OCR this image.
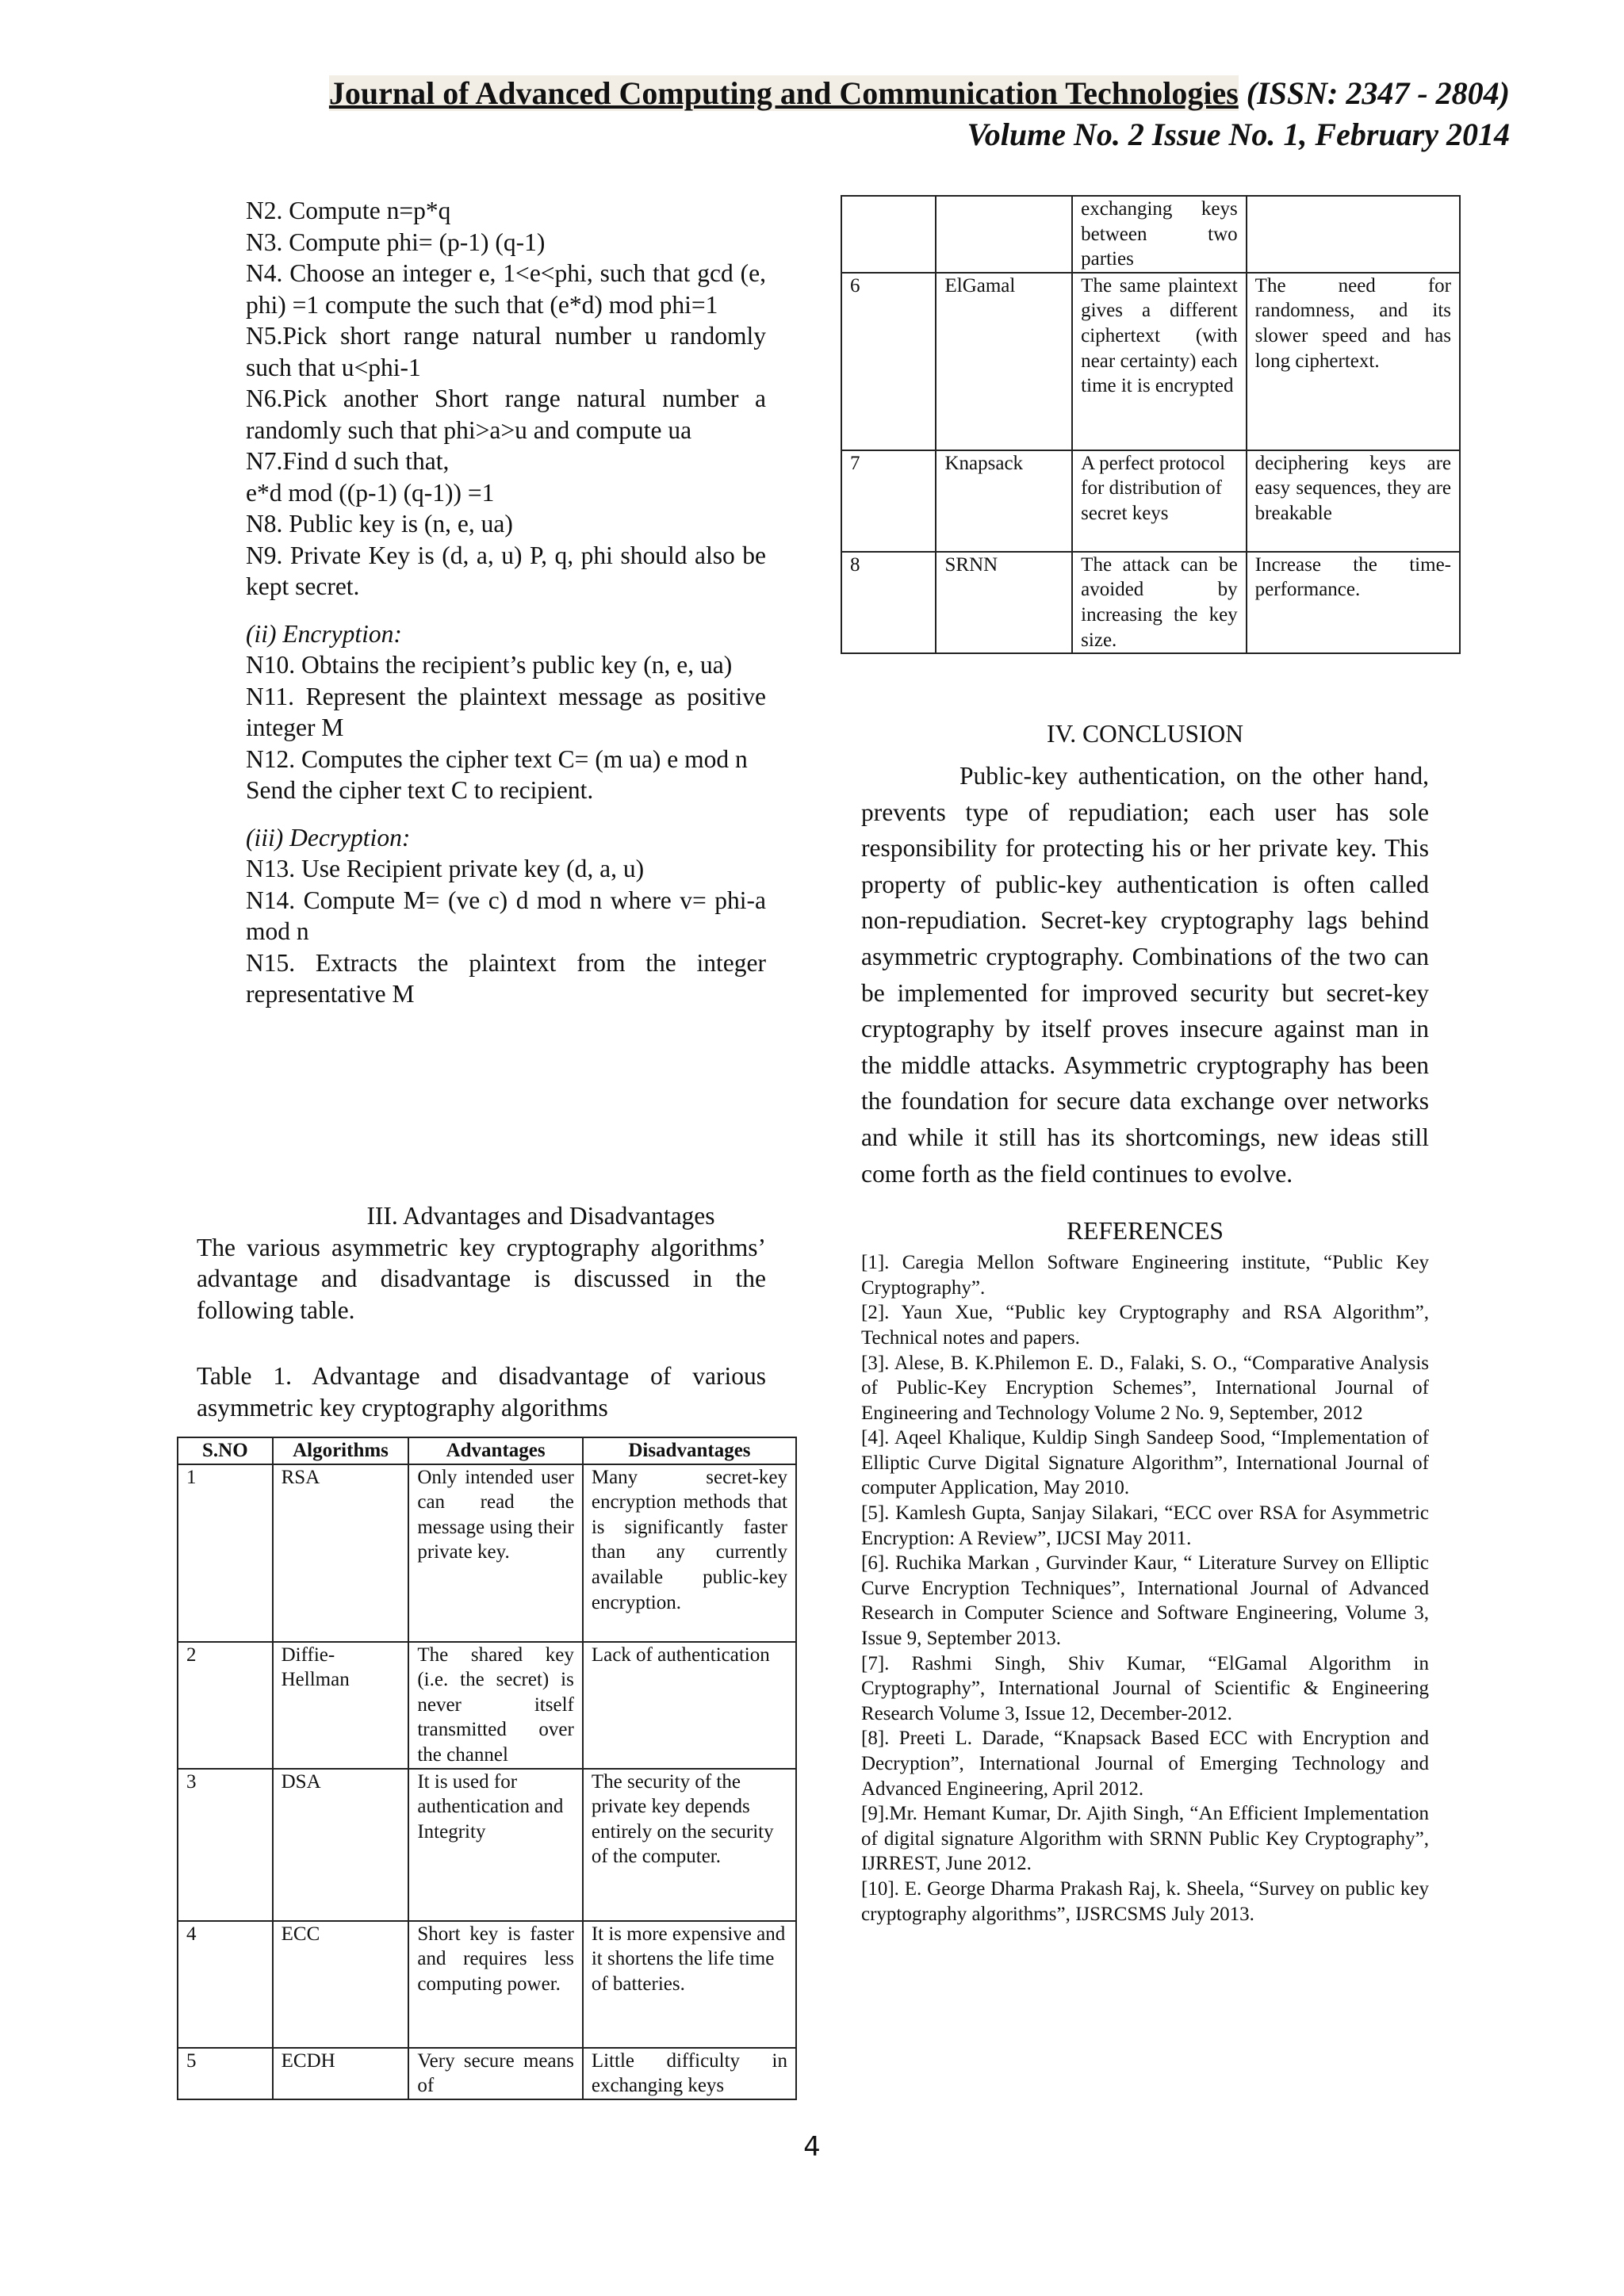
Journal of Advanced Computing and Communication Technologies (ISSN: 2347 - 2804)
Volume No. 2 Issue No. 1, February 2014

N2. Compute n=p*q

N3. Compute phi= (p-1) (q-1)

N4. Choose an integer e, 1<e<phi, such that gcd (e, phi) =1 compute the such that (e*d) mod phi=1

N5.Pick short range natural number u randomly such that u<phi-1

N6.Pick another Short range natural number a randomly such that phi>a>u and compute ua

N7.Find d such that,

e*d mod ((p-1) (q-1)) =1

N8. Public key is (n, e, ua)

N9. Private Key is (d, a, u) P, q, phi should also be kept secret.

(ii) Encryption:

N10. Obtains the recipient’s public key (n, e, ua)

N11. Represent the plaintext message as positive integer M

N12. Computes the cipher text C= (m ua) e mod n

Send the cipher text C to recipient.

(iii) Decryption:

N13. Use Recipient private key (d, a, u)

N14. Compute M= (ve c) d mod n where v= phi-a mod n

N15. Extracts the plaintext from the integer representative M

III. Advantages and Disadvantages

The various asymmetric key cryptography algorithms’ advantage and disadvantage is discussed in the following table.

Table 1. Advantage and disadvantage of various asymmetric key cryptography algorithms

S.NO	Algorithms	Advantages	Disadvantages
1	RSA	Only intended user can read the message using their private key.	Many secret-key encryption methods that is significantly faster than any currently available public-key encryption.
2	Diffie-Hellman	The shared key (i.e. the secret) is never itself transmitted over the channel	Lack of authentication
3	DSA	It is used for authentication and Integrity	The security of the private key depends entirely on the security of the computer.
4	ECC	Short key is faster and requires less computing power.	It is more expensive and it shortens the life time of batteries.
5	ECDH	Very secure means of	Little difficulty in exchanging keys
		exchanging keys between two parties	
6	ElGamal	The same plaintext gives a different ciphertext (with near certainty) each time it is encrypted	The need for randomness, and its slower speed and has long ciphertext.
7	Knapsack	A perfect protocol for distribution of secret keys	deciphering keys are easy sequences, they are breakable
8	SRNN	The attack can be avoided by increasing the key size.	Increase the time-performance.
IV. CONCLUSION

Public-key authentication, on the other hand, prevents type of repudiation; each user has sole responsibility for protecting his or her private key. This property of public-key authentication is often called non-repudiation. Secret-key cryptography lags behind asymmetric cryptography. Combinations of the two can be implemented for improved security but secret-key cryptography by itself proves insecure against man in the middle attacks. Asymmetric cryptography has been the foundation for secure data exchange over networks and while it still has its shortcomings, new ideas still come forth as the field continues to evolve.

REFERENCES
[1]. Caregia Mellon Software Engineering institute, “Public Key Cryptography”.
[2]. Yaun Xue, “Public key Cryptography and RSA Algorithm”, Technical notes and papers.
[3]. Alese, B. K.Philemon E. D., Falaki, S. O., “Comparative Analysis of Public-Key Encryption Schemes”, International Journal of Engineering and Technology Volume 2 No. 9, September, 2012
[4]. Aqeel Khalique, Kuldip Singh Sandeep Sood, “Implementation of Elliptic Curve Digital Signature Algorithm”, International Journal of computer Application, May 2010.
[5]. Kamlesh Gupta, Sanjay Silakari, “ECC over RSA for Asymmetric Encryption: A Review”, IJCSI May 2011.
[6]. Ruchika Markan , Gurvinder Kaur, “ Literature Survey on Elliptic Curve Encryption Techniques”, International Journal of Advanced Research in Computer Science and Software Engineering, Volume 3, Issue 9, September 2013.
[7]. Rashmi Singh, Shiv Kumar, “ElGamal Algorithm in Cryptography”, International Journal of Scientific & Engineering Research Volume 3, Issue 12, December-2012.
[8]. Preeti L. Darade, “Knapsack Based ECC with Encryption and Decryption”, International Journal of Emerging Technology and Advanced Engineering, April 2012.
[9].Mr. Hemant Kumar, Dr. Ajith Singh, “An Efficient Implementation of digital signature Algorithm with SRNN Public Key Cryptography”, IJRREST, June 2012.
[10]. E. George Dharma Prakash Raj, k. Sheela, “Survey on public key cryptography algorithms”, IJSRCSMS July 2013.
4
